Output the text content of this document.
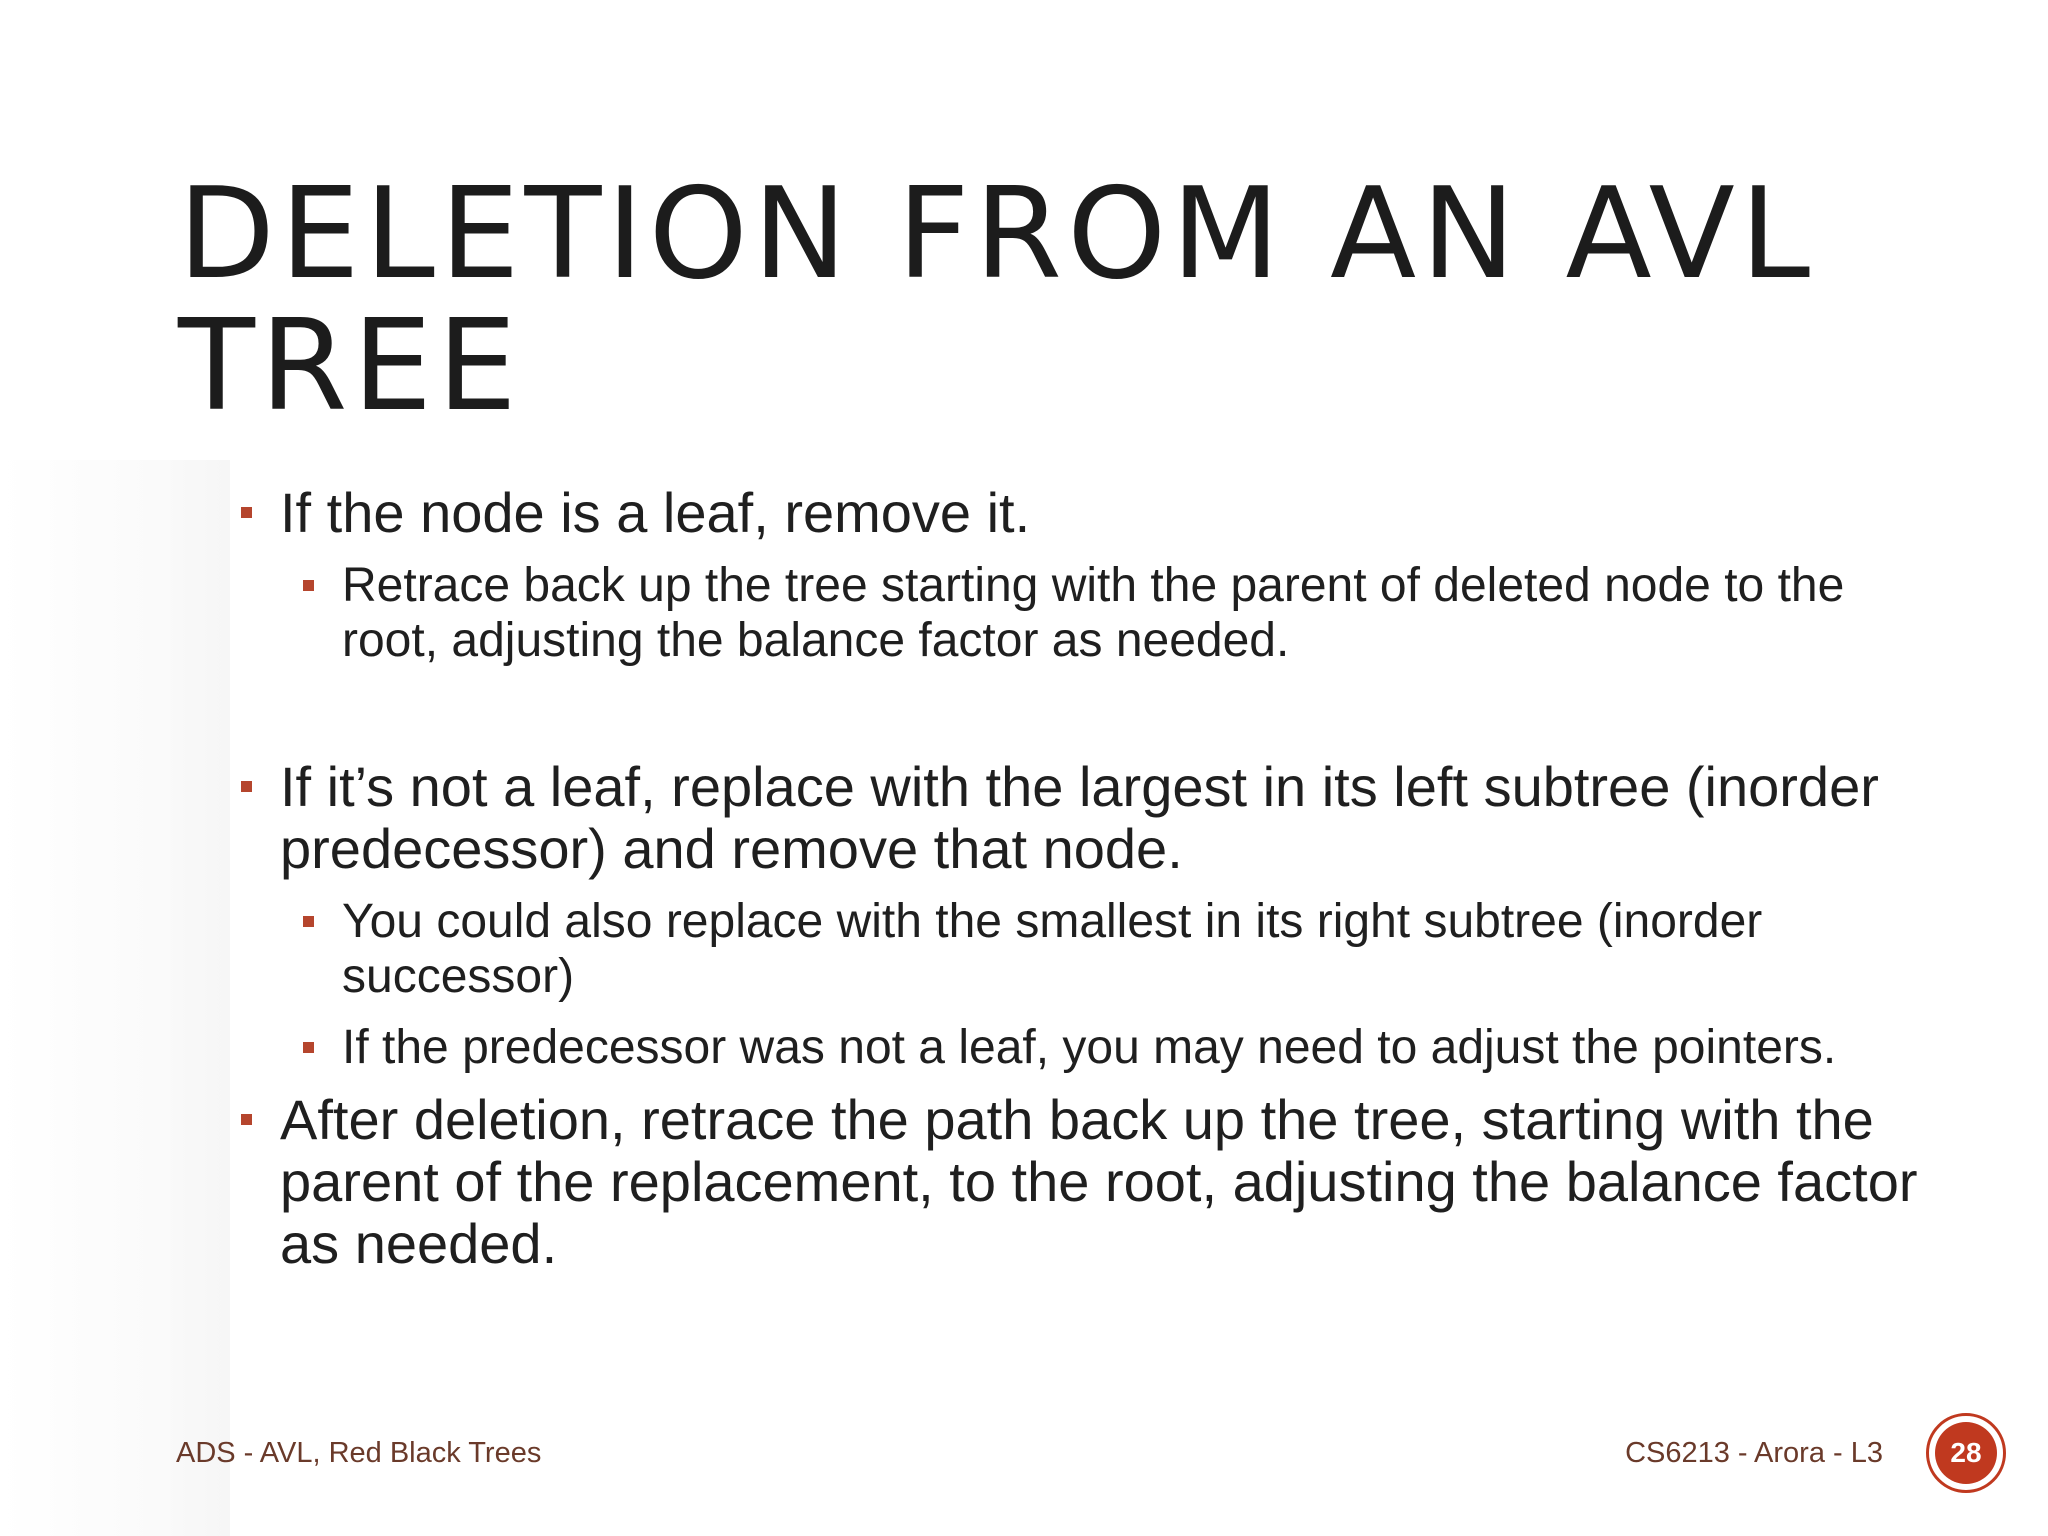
DELETION FROM AN AVL TREE
If the node is a leaf, remove it.
Retrace back up the tree starting with the parent of deleted node to the root, adjusting the balance factor as needed.
If it’s not a leaf, replace with the largest in its left subtree (inorder predecessor) and remove that node.
You could also replace with the smallest in its right subtree (inorder successor)
If the predecessor was not a leaf, you may need to adjust the pointers.
After deletion, retrace the path back up the tree, starting with the parent of the replacement, to the root, adjusting the balance factor as needed.
ADS - AVL, Red Black Trees	CS6213 - Arora - L3	28
